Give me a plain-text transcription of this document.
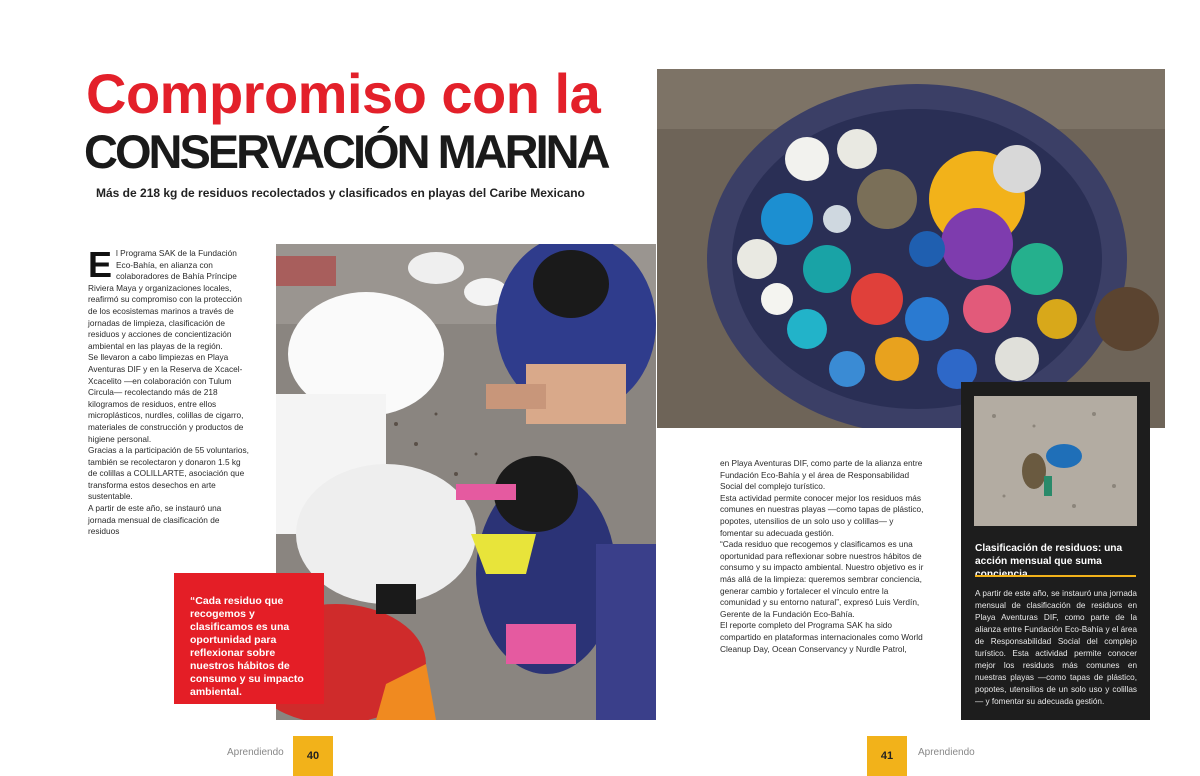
Compromiso con la
CONSERVACIÓN MARINA
Más de 218 kg de residuos recolectados y clasificados en playas del Caribe Mexicano
E l Programa SAK de la Fundación Eco-Bahía, en alianza con colaboradores de Bahía Príncipe Riviera Maya y organizaciones locales, reafirmó su compromiso con la protección de los ecosistemas marinos a través de jornadas de limpieza, clasificación de residuos y acciones de concientización ambiental en las playas de la región.

Se llevaron a cabo limpiezas en Playa Aventuras DIF y en la Reserva de Xcacel-Xcacelito —en colaboración con Tulum Circula— recolectando más de 218 kilogramos de residuos, entre ellos microplásticos, nurdles, colillas de cigarro, materiales de construcción y productos de higiene personal.

Gracias a la participación de 55 voluntarios, también se recolectaron y donaron 1.5 kg de colillas a COLILLARTE, asociación que transforma estos desechos en arte sustentable.

A partir de este año, se instauró una jornada mensual de clasificación de residuos

“Cada residuo que recogemos y clasificamos es una oportunidad para reflexionar sobre nuestros hábitos de consumo y su impacto ambiental.

en Playa Aventuras DIF, como parte de la alianza entre Fundación Eco-Bahía y el área de Responsabilidad Social del complejo turístico.

Esta actividad permite conocer mejor los residuos más comunes en nuestras playas —como tapas de plástico, popotes, utensilios de un solo uso y colillas— y fomentar su adecuada gestión.

“Cada residuo que recogemos y clasificamos es una oportunidad para reflexionar sobre nuestros hábitos de consumo y su impacto ambiental. Nuestro objetivo es ir más allá de la limpieza: queremos sembrar conciencia, generar cambio y fortalecer el vínculo entre la comunidad y su entorno natural”, expresó Luis Verdín, Gerente de la Fundación Eco-Bahía.

El reporte completo del Programa SAK ha sido compartido en plataformas internacionales como World Cleanup Day, Ocean Conservancy y Nurdle Patrol,

Clasificación de residuos: una acción mensual que suma
A partir de este año, se instauró una jornada mensual de clasificación de residuos en Playa Aventuras DIF, como parte de la alianza entre Fundación Eco-Bahía y el área de Responsabilidad Social del complejo turístico. Esta actividad permite conocer mejor los residuos más comunes en nuestras playas —como tapas de plástico, popotes, utensilios de un solo uso y colillas— y fomentar su adecuada gestión.
Aprendiendo	40	41	Aprendiendo
